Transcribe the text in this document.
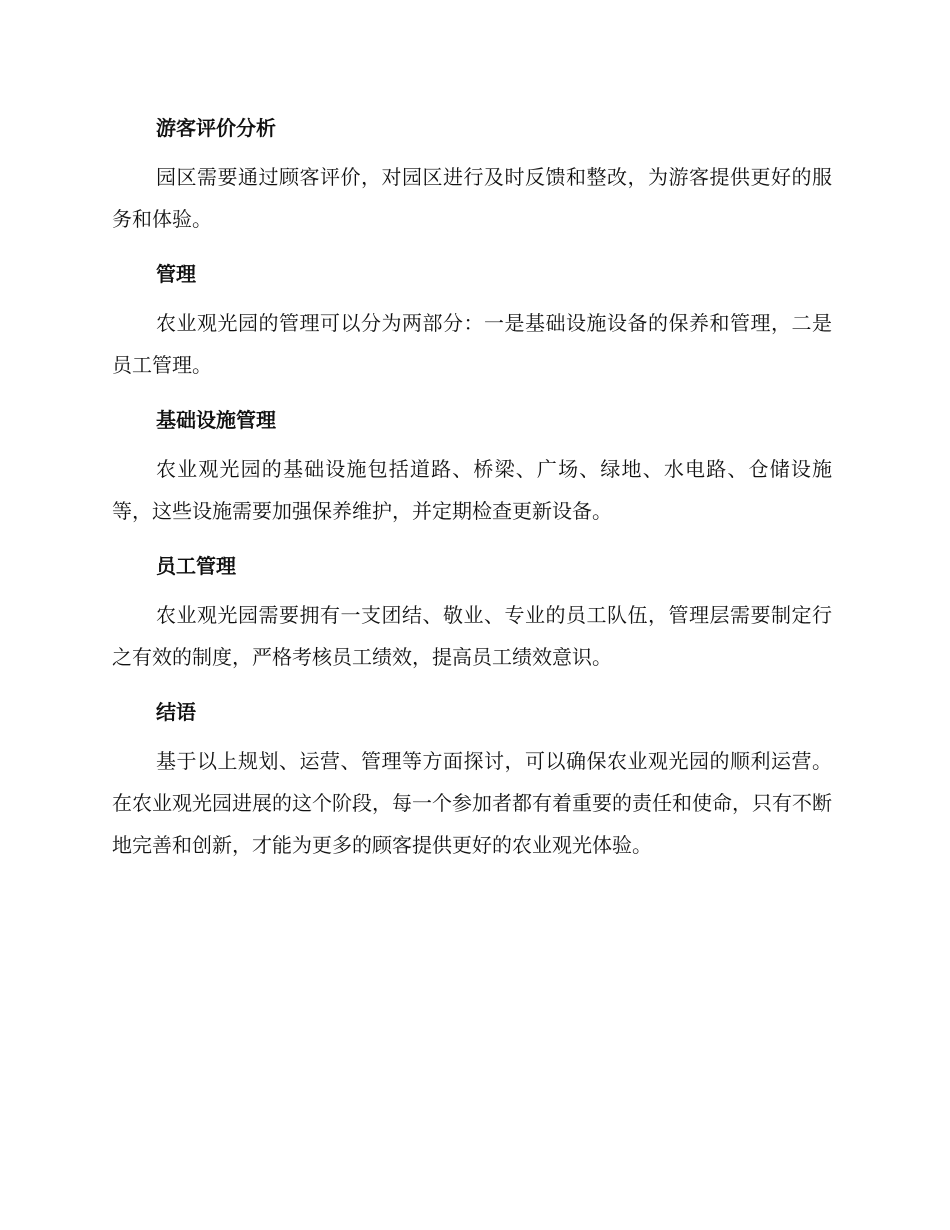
游客评价分析

园区需要通过顾客评价，对园区进行及时反馈和整改，为游客提供更好的服务和体验。

管理

农业观光园的管理可以分为两部分：一是基础设施设备的保养和管理，二是员工管理。

基础设施管理

农业观光园的基础设施包括道路、桥梁、广场、绿地、水电路、仓储设施等，这些设施需要加强保养维护，并定期检查更新设备。

员工管理

农业观光园需要拥有一支团结、敬业、专业的员工队伍，管理层需要制定行之有效的制度，严格考核员工绩效，提高员工绩效意识。

结语

基于以上规划、运营、管理等方面探讨，可以确保农业观光园的顺利运营。在农业观光园进展的这个阶段，每一个参加者都有着重要的责任和使命，只有不断地完善和创新，才能为更多的顾客提供更好的农业观光体验。
